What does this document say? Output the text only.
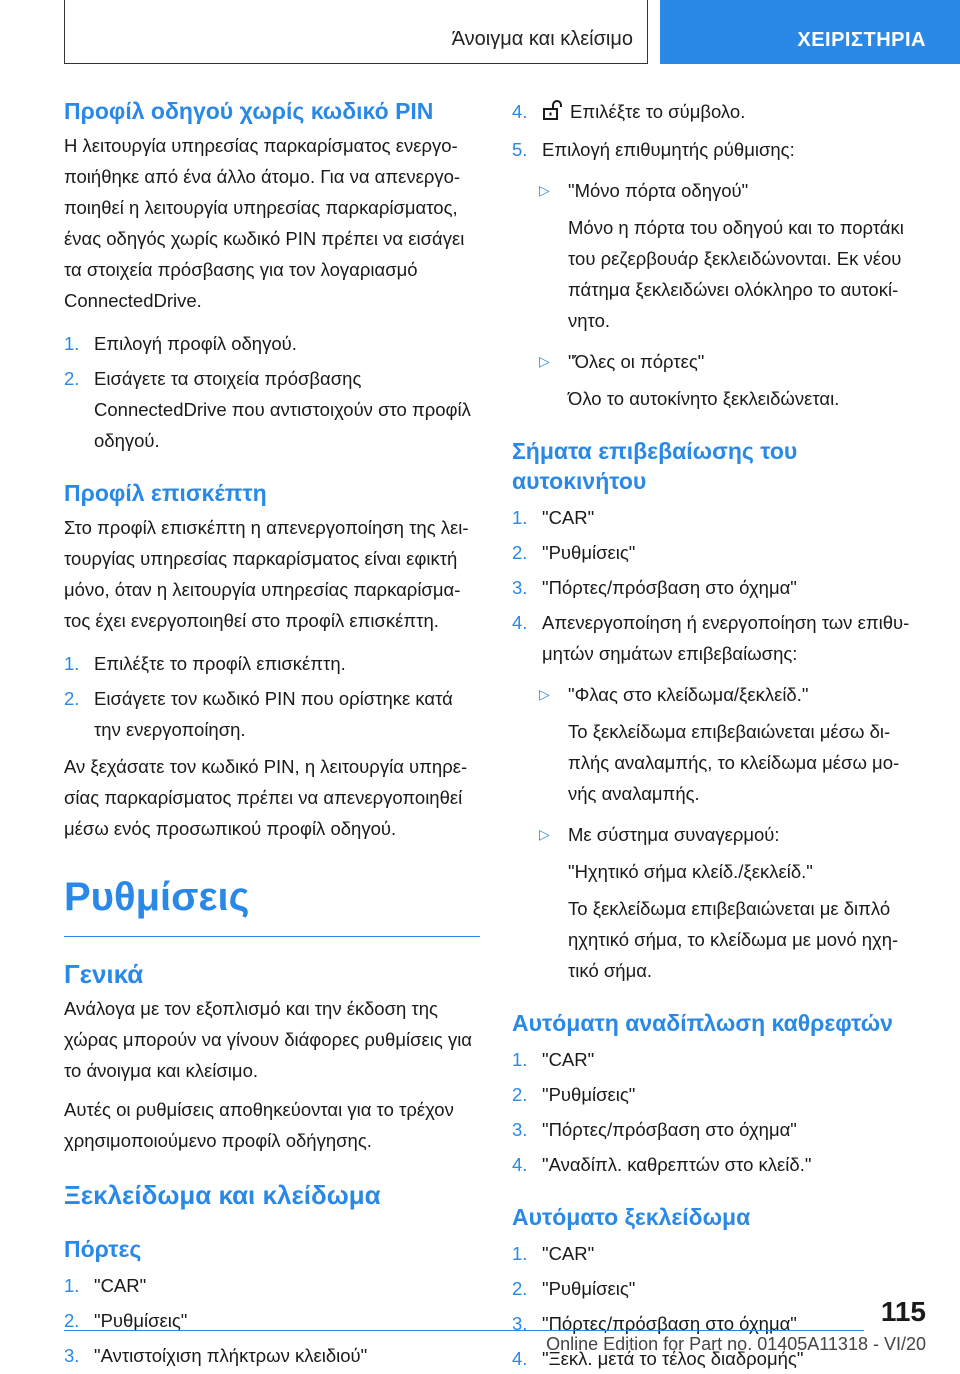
Άνοιγμα και κλείσιμο	ΧΕΙΡΙΣΤΗΡΙΑ
Προφίλ οδηγού χωρίς κωδικό PIN

Η λειτουργία υπηρεσίας παρκαρίσματος ενεργο-ποιήθηκε από ένα άλλο άτομο. Για να απενεργο-ποιηθεί η λειτουργία υπηρεσίας παρκαρίσματος, ένας οδηγός χωρίς κωδικό PIN πρέπει να εισάγει τα στοιχεία πρόσβασης για τον λογαριασμό ConnectedDrive.

1. Επιλογή προφίλ οδηγού.
2. Εισάγετε τα στοιχεία πρόσβασης ConnectedDrive που αντιστοιχούν στο προφίλ οδηγού.
Προφίλ επισκέπτη

Στο προφίλ επισκέπτη η απενεργοποίηση της λει-τουργίας υπηρεσίας παρκαρίσματος είναι εφικτή μόνο, όταν η λειτουργία υπηρεσίας παρκαρίσμα-τος έχει ενεργοποιηθεί στο προφίλ επισκέπτη.

1. Επιλέξτε το προφίλ επισκέπτη.
2. Εισάγετε τον κωδικό PIN που ορίστηκε κατά την ενεργοποίηση.

Αν ξεχάσατε τον κωδικό PIN, η λειτουργία υπηρε-σίας παρκαρίσματος πρέπει να απενεργοποιηθεί μέσω ενός προσωπικού προφίλ οδηγού.

Ρυθμίσεις
Γενικά

Ανάλογα με τον εξοπλισμό και την έκδοση της χώρας μπορούν να γίνουν διάφορες ρυθμίσεις για το άνοιγμα και κλείσιμο.

Αυτές οι ρυθμίσεις αποθηκεύονται για το τρέχον χρησιμοποιούμενο προφίλ οδήγησης.

Ξεκλείδωμα και κλείδωμα
Πόρτες
1. "CAR"
2. "Ρυθμίσεις"
3. "Αντιστοίχιση πλήκτρων κλειδιού"
4. Επιλέξτε το σύμβολο.
5. Επιλογή επιθυμητής ρύθμισης:
▷ "Μόνο πόρτα οδηγού"
Μόνο η πόρτα του οδηγού και το πορτάκι του ρεζερβουάρ ξεκλειδώνονται. Εκ νέου πάτημα ξεκλειδώνει ολόκληρο το αυτοκί-νητο.
▷ "Όλες οι πόρτες"
Όλο το αυτοκίνητο ξεκλειδώνεται.
Σήματα επιβεβαίωσης του αυτοκινήτου
1. "CAR"
2. "Ρυθμίσεις"
3. "Πόρτες/πρόσβαση στο όχημα"
4. Απενεργοποίηση ή ενεργοποίηση των επιθυ-μητών σημάτων επιβεβαίωσης:
▷ "Φλας στο κλείδωμα/ξεκλείδ."
Το ξεκλείδωμα επιβεβαιώνεται μέσω δι-πλής αναλαμπής, το κλείδωμα μέσω μο-νής αναλαμπής.
▷ Με σύστημα συναγερμού:
"Ηχητικό σήμα κλείδ./ξεκλείδ."
Το ξεκλείδωμα επιβεβαιώνεται με διπλό ηχητικό σήμα, το κλείδωμα με μονό ηχη-τικό σήμα.
Αυτόματη αναδίπλωση καθρεφτών
1. "CAR"
2. "Ρυθμίσεις"
3. "Πόρτες/πρόσβαση στο όχημα"
4. "Αναδίπλ. καθρεπτών στο κλείδ."
Αυτόματο ξεκλείδωμα
1. "CAR"
2. "Ρυθμίσεις"
3. "Πόρτες/πρόσβαση στο όχημα"
4. "Ξεκλ. μετά το τέλος διαδρομής"
115
Online Edition for Part no. 01405A11318 - VI/20
